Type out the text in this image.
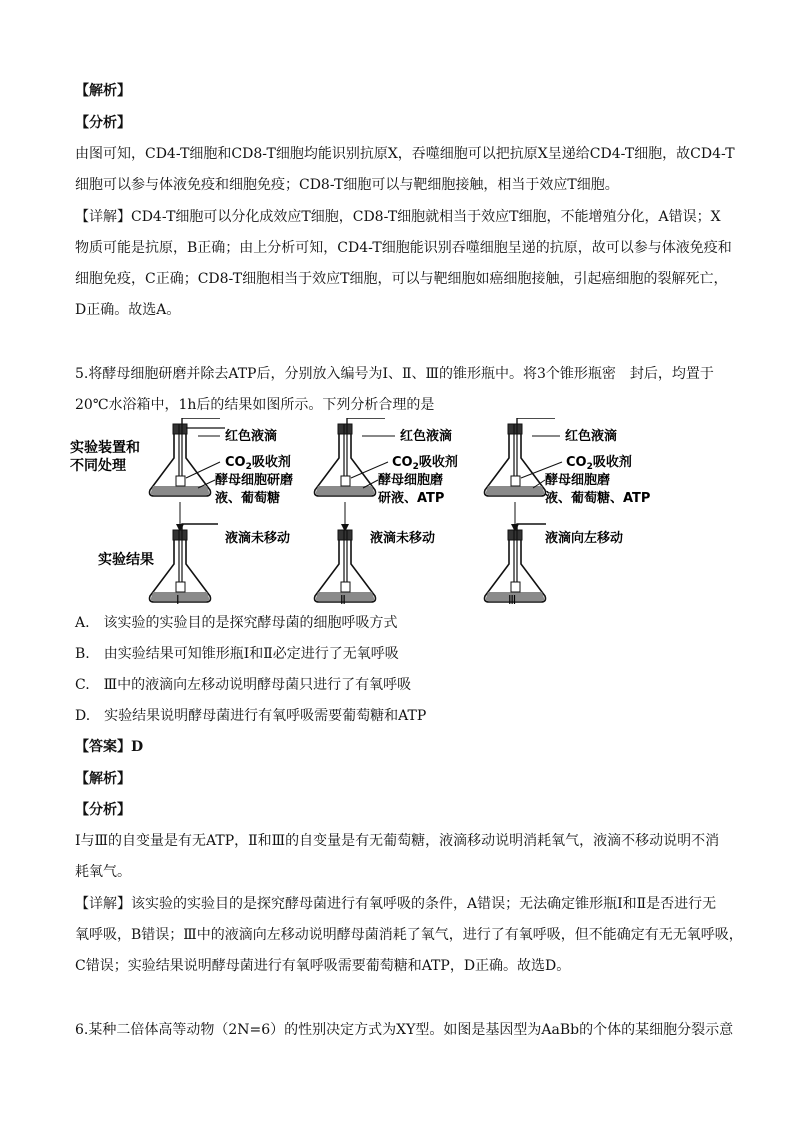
【解析】
【分析】
由图可知，CD4-T细胞和CD8-T细胞均能识别抗原X，吞噬细胞可以把抗原X呈递给CD4-T细胞，故CD4-T
细胞可以参与体液免疫和细胞免疫；CD8-T细胞可以与靶细胞接触，相当于效应T细胞。
【详解】CD4-T细胞可以分化成效应T细胞，CD8-T细胞就相当于效应T细胞，不能增殖分化，A错误；X
物质可能是抗原，B正确；由上分析可知，CD4-T细胞能识别吞噬细胞呈递的抗原，故可以参与体液免疫和
细胞免疫，C正确；CD8-T细胞相当于效应T细胞，可以与靶细胞如癌细胞接触，引起癌细胞的裂解死亡，
D正确。故选A。
5.将酵母细胞研磨并除去ATP后，分别放入编号为Ⅰ、Ⅱ、Ⅲ的锥形瓶中。将3个锥形瓶密　封后，均置于
20℃水浴箱中，1h后的结果如图所示。下列分析合理的是
实验装置和
不同处理
实验结果
红色液滴
$CO_2$吸收剂
酵母细胞研磨
液、葡萄糖
液滴未移动
Ⅰ
红色液滴
$CO_2$吸收剂
酵母细胞磨
研液、ATP
液滴未移动
Ⅱ
红色液滴
$CO_2$吸收剂
酵母细胞磨
液、葡萄糖、ATP
液滴向左移动
Ⅲ
A.　该实验的实验目的是探究酵母菌的细胞呼吸方式
B.　由实验结果可知锥形瓶Ⅰ和Ⅱ必定进行了无氧呼吸
C.　Ⅲ中的液滴向左移动说明酵母菌只进行了有氧呼吸
D.　实验结果说明酵母菌进行有氧呼吸需要葡萄糖和ATP
【答案】D
【解析】
【分析】
Ⅰ与Ⅲ的自变量是有无ATP，Ⅱ和Ⅲ的自变量是有无葡萄糖，液滴移动说明消耗氧气，液滴不移动说明不消
耗氧气。
【详解】该实验的实验目的是探究酵母菌进行有氧呼吸的条件，A错误；无法确定锥形瓶Ⅰ和Ⅱ是否进行无
氧呼吸，B错误；Ⅲ中的液滴向左移动说明酵母菌消耗了氧气，进行了有氧呼吸，但不能确定有无无氧呼吸，
C错误；实验结果说明酵母菌进行有氧呼吸需要葡萄糖和ATP，D正确。故选D。
6.某种二倍体高等动物（2N=6）的性别决定方式为XY型。如图是基因型为AaBb的个体的某细胞分裂示意
